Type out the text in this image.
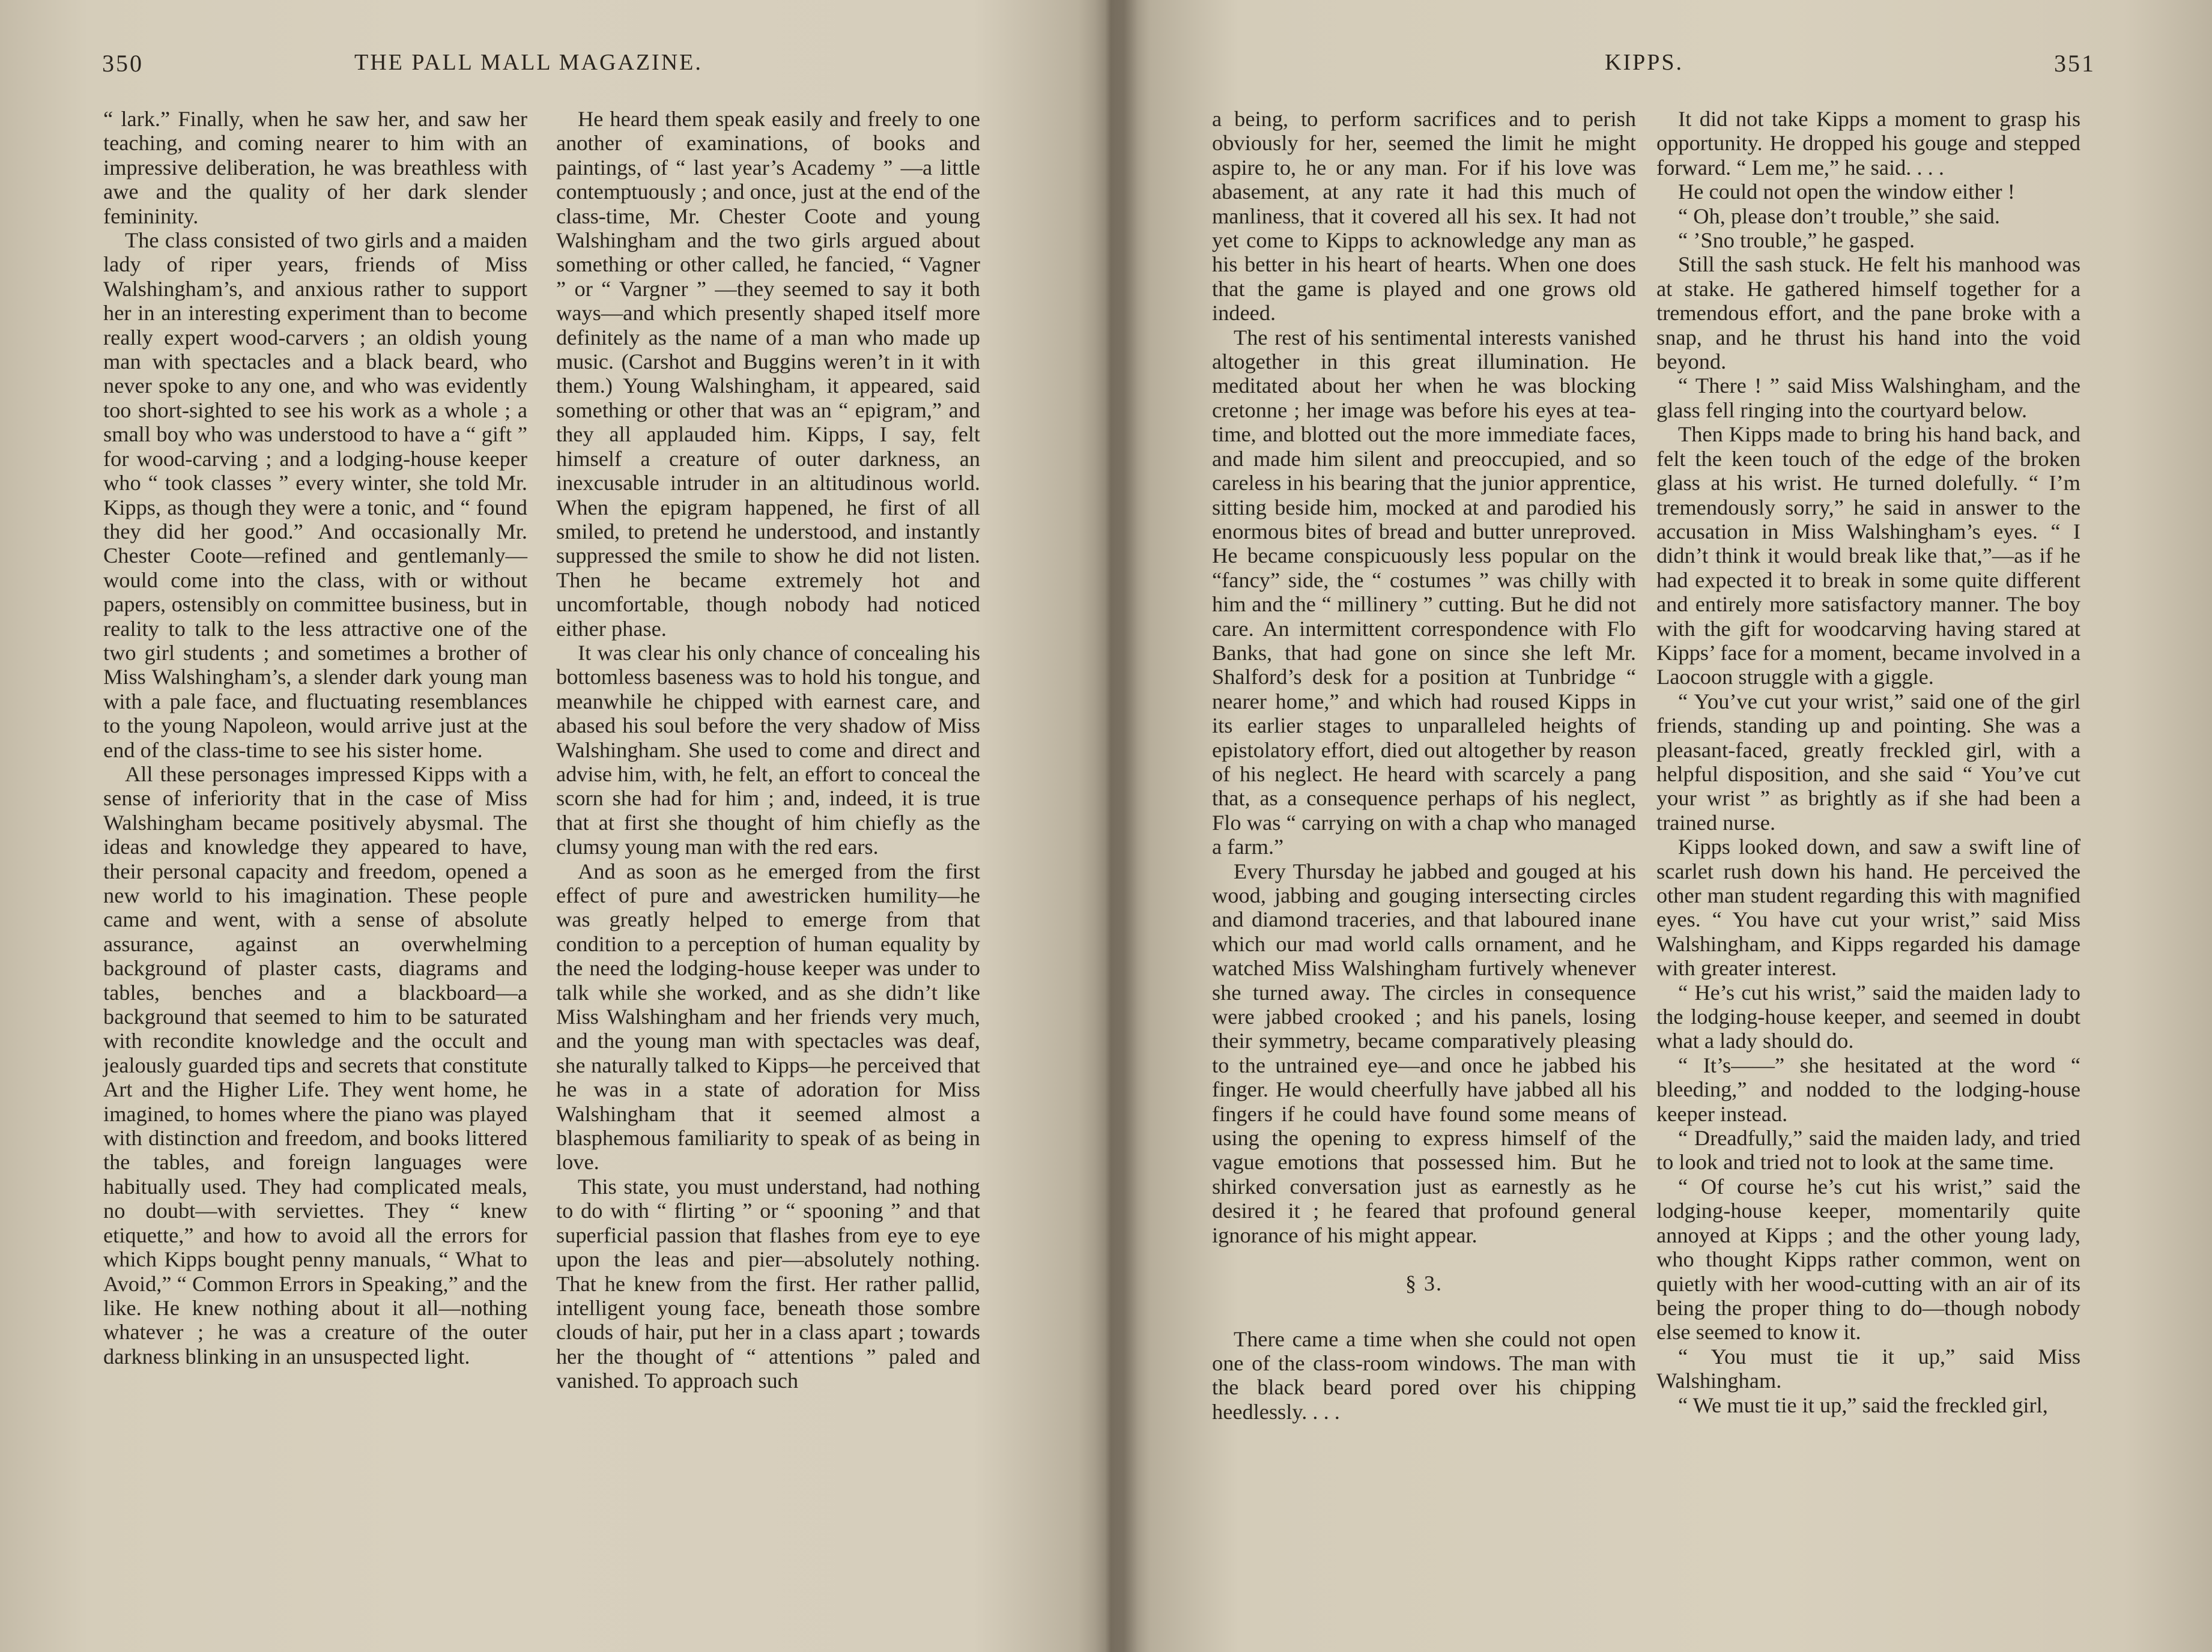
350	THE PALL MALL MAGAZINE.

“ lark.” Finally, when he saw her, and saw her teaching, and coming nearer to him with an impressive deliberation, he was breathless with awe and the quality of her dark slender femininity.

The class consisted of two girls and a maiden lady of riper years, friends of Miss Walshingham’s, and anxious rather to support her in an interesting experiment than to become really expert wood-carvers ; an oldish young man with spectacles and a black beard, who never spoke to any one, and who was evidently too short-sighted to see his work as a whole ; a small boy who was understood to have a “ gift ” for wood-carving ; and a lodging-house keeper who “ took classes ” every winter, she told Mr. Kipps, as though they were a tonic, and “ found they did her good.” And occasionally Mr. Chester Coote—refined and gentlemanly—would come into the class, with or without papers, ostensibly on committee business, but in reality to talk to the less attractive one of the two girl students ; and sometimes a brother of Miss Walshingham’s, a slender dark young man with a pale face, and fluctuating resemblances to the young Napoleon, would arrive just at the end of the class-time to see his sister home.

All these personages impressed Kipps with a sense of inferiority that in the case of Miss Walshingham became positively abysmal. The ideas and knowledge they appeared to have, their personal capacity and freedom, opened a new world to his imagination. These people came and went, with a sense of absolute assurance, against an overwhelming background of plaster casts, diagrams and tables, benches and a blackboard—a background that seemed to him to be saturated with recondite knowledge and the occult and jealously guarded tips and secrets that constitute Art and the Higher Life. They went home, he imagined, to homes where the piano was played with distinction and freedom, and books littered the tables, and foreign languages were habitually used. They had complicated meals, no doubt—with serviettes. They “ knew etiquette,” and how to avoid all the errors for which Kipps bought penny manuals, “ What to Avoid,” “ Common Errors in Speaking,” and the like. He knew nothing about it all—nothing whatever ; he was a creature of the outer darkness blinking in an unsuspected light.

He heard them speak easily and freely to one another of examinations, of books and paintings, of “ last year’s Academy ” —a little contemptuously ; and once, just at the end of the class-time, Mr. Chester Coote and young Walshingham and the two girls argued about something or other called, he fancied, “ Vagner ” or “ Vargner ” —they seemed to say it both ways—and which presently shaped itself more definitely as the name of a man who made up music. (Carshot and Buggins weren’t in it with them.) Young Walshingham, it appeared, said something or other that was an “ epigram,” and they all applauded him. Kipps, I say, felt himself a creature of outer darkness, an inexcusable intruder in an altitudinous world. When the epigram happened, he first of all smiled, to pretend he understood, and instantly suppressed the smile to show he did not listen. Then he became extremely hot and uncomfortable, though nobody had noticed either phase.

It was clear his only chance of concealing his bottomless baseness was to hold his tongue, and meanwhile he chipped with earnest care, and abased his soul before the very shadow of Miss Walshingham. She used to come and direct and advise him, with, he felt, an effort to conceal the scorn she had for him ; and, indeed, it is true that at first she thought of him chiefly as the clumsy young man with the red ears.

And as soon as he emerged from the first effect of pure and awestricken humility—he was greatly helped to emerge from that condition to a perception of human equality by the need the lodging-house keeper was under to talk while she worked, and as she didn’t like Miss Walshingham and her friends very much, and the young man with spectacles was deaf, she naturally talked to Kipps—he perceived that he was in a state of adoration for Miss Walshingham that it seemed almost a blasphemous familiarity to speak of as being in love.

This state, you must understand, had nothing to do with “ flirting ” or “ spooning ” and that superficial passion that flashes from eye to eye upon the leas and pier—absolutely nothing. That he knew from the first. Her rather pallid, intelligent young face, beneath those sombre clouds of hair, put her in a class apart ; towards her the thought of “ attentions ” paled and vanished. To approach such

KIPPS.	351

a being, to perform sacrifices and to perish obviously for her, seemed the limit he might aspire to, he or any man. For if his love was abasement, at any rate it had this much of manliness, that it covered all his sex. It had not yet come to Kipps to acknowledge any man as his better in his heart of hearts. When one does that the game is played and one grows old indeed.

The rest of his sentimental interests vanished altogether in this great illumination. He meditated about her when he was blocking cretonne ; her image was before his eyes at tea-time, and blotted out the more immediate faces, and made him silent and preoccupied, and so careless in his bearing that the junior apprentice, sitting beside him, mocked at and parodied his enormous bites of bread and butter unreproved. He became conspicuously less popular on the “fancy” side, the “ costumes ” was chilly with him and the “ millinery ” cutting. But he did not care. An intermittent correspondence with Flo Banks, that had gone on since she left Mr. Shalford’s desk for a position at Tunbridge “ nearer home,” and which had roused Kipps in its earlier stages to unparalleled heights of epistolatory effort, died out altogether by reason of his neglect. He heard with scarcely a pang that, as a consequence perhaps of his neglect, Flo was “ carrying on with a chap who managed a farm.”

Every Thursday he jabbed and gouged at his wood, jabbing and gouging intersecting circles and diamond traceries, and that laboured inane which our mad world calls ornament, and he watched Miss Walshingham furtively whenever she turned away. The circles in consequence were jabbed crooked ; and his panels, losing their symmetry, became comparatively pleasing to the untrained eye—and once he jabbed his finger. He would cheerfully have jabbed all his fingers if he could have found some means of using the opening to express himself of the vague emotions that possessed him. But he shirked conversation just as earnestly as he desired it ; he feared that profound general ignorance of his might appear.

§ 3.

There came a time when she could not open one of the class-room windows. The man with the black beard pored over his chipping heedlessly. . . .

It did not take Kipps a moment to grasp his opportunity. He dropped his gouge and stepped forward. “ Lem me,” he said. . . .

He could not open the window either !

“ Oh, please don’t trouble,” she said.

“ ’Sno trouble,” he gasped.

Still the sash stuck. He felt his manhood was at stake. He gathered himself together for a tremendous effort, and the pane broke with a snap, and he thrust his hand into the void beyond.

“ There ! ” said Miss Walshingham, and the glass fell ringing into the courtyard below.

Then Kipps made to bring his hand back, and felt the keen touch of the edge of the broken glass at his wrist. He turned dolefully. “ I’m tremendously sorry,” he said in answer to the accusation in Miss Walshingham’s eyes. “ I didn’t think it would break like that,”—as if he had expected it to break in some quite different and entirely more satisfactory manner. The boy with the gift for woodcarving having stared at Kipps’ face for a moment, became involved in a Laocoon struggle with a giggle.

“ You’ve cut your wrist,” said one of the girl friends, standing up and pointing. She was a pleasant-faced, greatly freckled girl, with a helpful disposition, and she said “ You’ve cut your wrist ” as brightly as if she had been a trained nurse.

Kipps looked down, and saw a swift line of scarlet rush down his hand. He perceived the other man student regarding this with magnified eyes. “ You have cut your wrist,” said Miss Walshingham, and Kipps regarded his damage with greater interest.

“ He’s cut his wrist,” said the maiden lady to the lodging-house keeper, and seemed in doubt what a lady should do.

“ It’s——” she hesitated at the word “ bleeding,” and nodded to the lodging-house keeper instead.

“ Dreadfully,” said the maiden lady, and tried to look and tried not to look at the same time.

“ Of course he’s cut his wrist,” said the lodging-house keeper, momentarily quite annoyed at Kipps ; and the other young lady, who thought Kipps rather common, went on quietly with her wood-cutting with an air of its being the proper thing to do—though nobody else seemed to know it.

“ You must tie it up,” said Miss Walshingham.

“ We must tie it up,” said the freckled girl,
